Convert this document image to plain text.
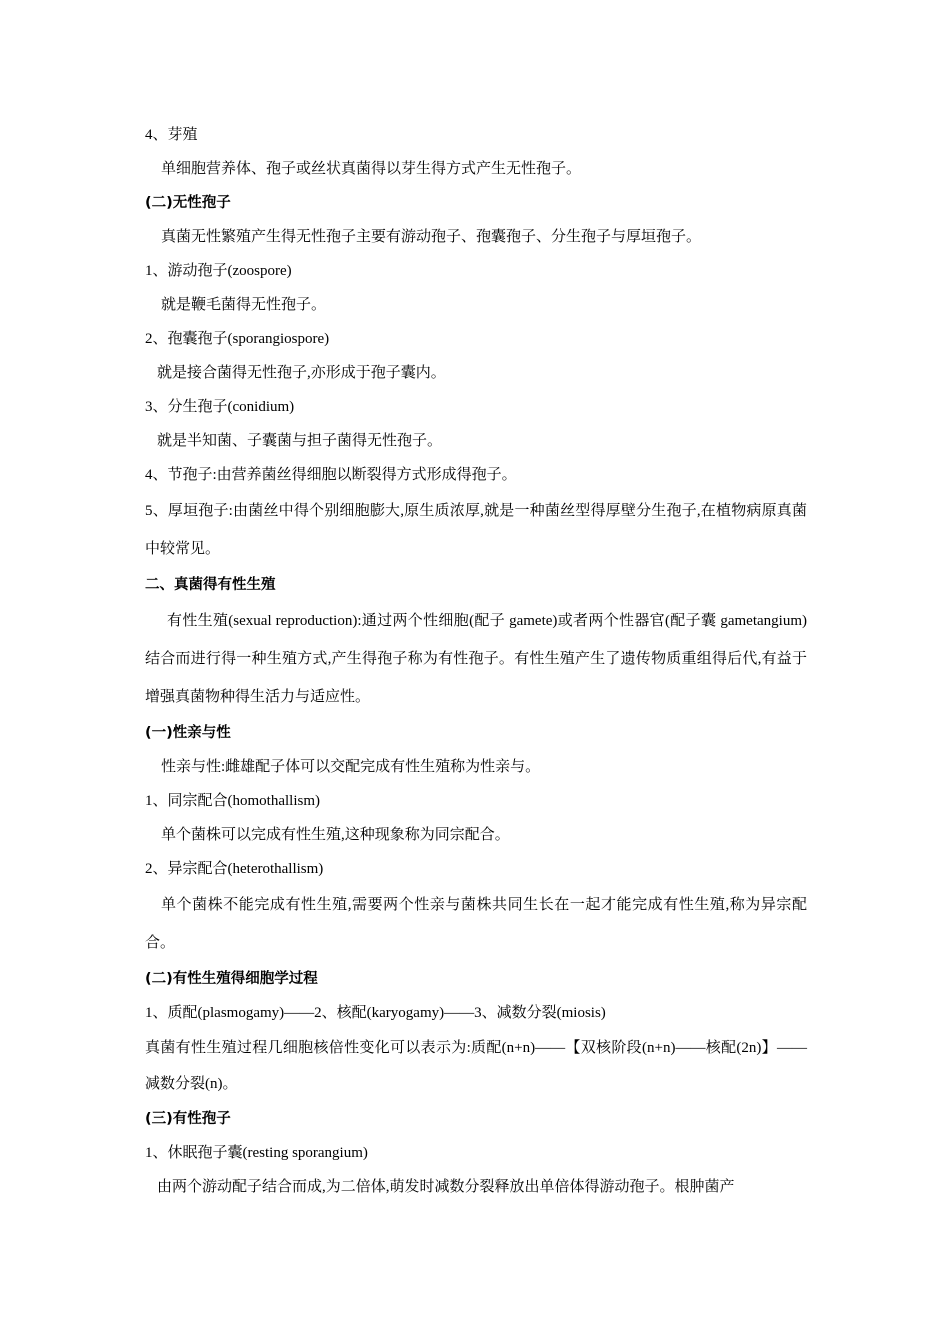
4、芽殖
单细胞营养体、孢子或丝状真菌得以芽生得方式产生无性孢子。
(二)无性孢子
真菌无性繁殖产生得无性孢子主要有游动孢子、孢囊孢子、分生孢子与厚垣孢子。
1、游动孢子(zoospore)
就是鞭毛菌得无性孢子。
2、孢囊孢子(sporangiospore)
就是接合菌得无性孢子,亦形成于孢子囊内。
3、分生孢子(conidium)
就是半知菌、子囊菌与担子菌得无性孢子。
4、节孢子:由营养菌丝得细胞以断裂得方式形成得孢子。
5、厚垣孢子:由菌丝中得个别细胞膨大,原生质浓厚,就是一种菌丝型得厚壁分生孢子,在植物病原真菌中较常见。
二、真菌得有性生殖
有性生殖(sexual reproduction):通过两个性细胞(配子 gamete)或者两个性器官(配子囊 gametangium)结合而进行得一种生殖方式,产生得孢子称为有性孢子。有性生殖产生了遗传物质重组得后代,有益于增强真菌物种得生活力与适应性。
(一)性亲与性
性亲与性:雌雄配子体可以交配完成有性生殖称为性亲与。
1、同宗配合(homothallism)
单个菌株可以完成有性生殖,这种现象称为同宗配合。
2、异宗配合(heterothallism)
单个菌株不能完成有性生殖,需要两个性亲与菌株共同生长在一起才能完成有性生殖,称为异宗配合。
(二)有性生殖得细胞学过程
1、质配(plasmogamy)——2、核配(karyogamy)——3、减数分裂(miosis)
真菌有性生殖过程几细胞核倍性变化可以表示为:质配(n+n)——【双核阶段(n+n)——核配(2n)】——减数分裂(n)。
(三)有性孢子
1、休眠孢子囊(resting sporangium)
由两个游动配子结合而成,为二倍体,萌发时减数分裂释放出单倍体得游动孢子。根肿菌产
